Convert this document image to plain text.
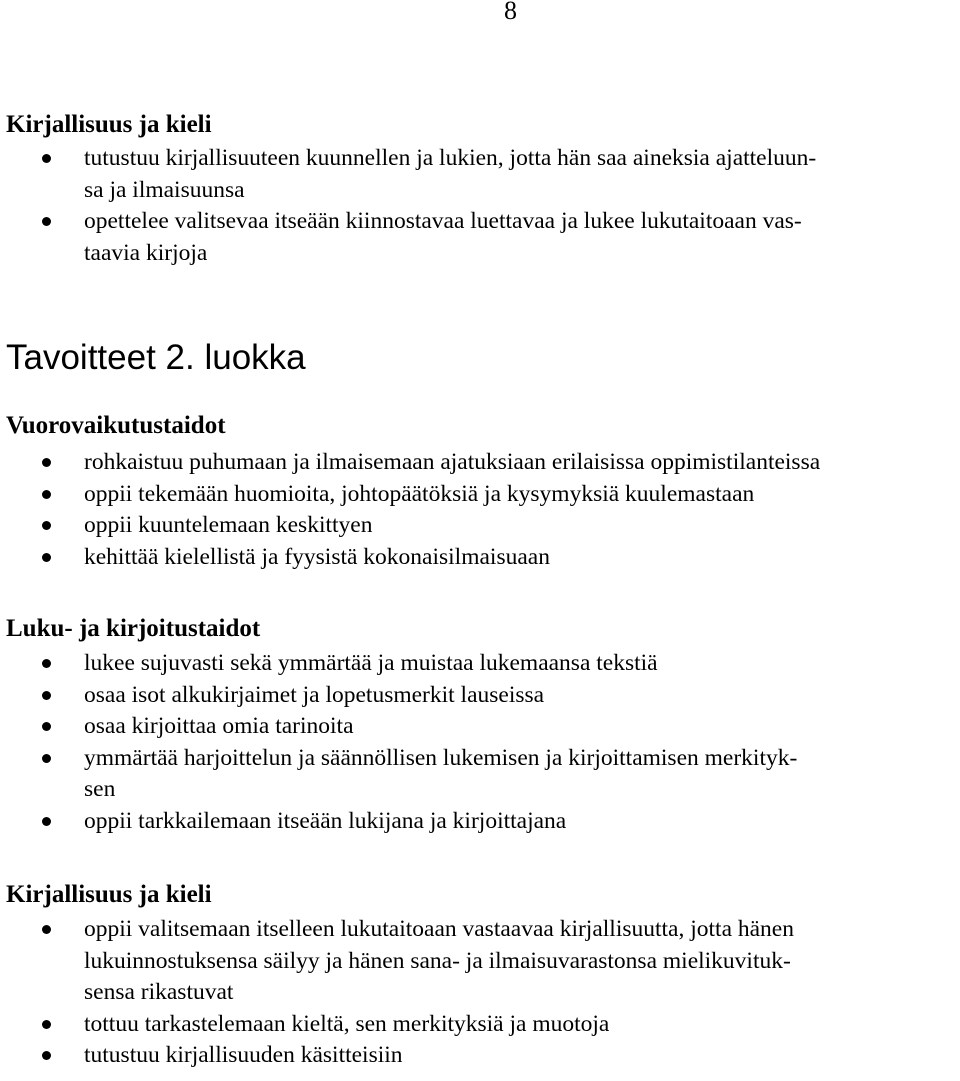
8
Kirjallisuus ja kieli
tutustuu kirjallisuuteen kuunnellen ja lukien, jotta hän saa aineksia ajatteluun-
sa ja ilmaisuunsa
opettelee valitsevaa itseään kiinnostavaa luettavaa ja lukee lukutaitoaan vas-
taavia kirjoja
Tavoitteet 2. luokka
Vuorovaikutustaidot
rohkaistuu puhumaan ja ilmaisemaan ajatuksiaan erilaisissa oppimistilanteissa
oppii tekemään huomioita, johtopäätöksiä ja kysymyksiä kuulemastaan
oppii kuuntelemaan keskittyen
kehittää kielellistä ja fyysistä kokonaisilmaisuaan
Luku- ja kirjoitustaidot
lukee sujuvasti sekä ymmärtää ja muistaa lukemaansa tekstiä
osaa isot alkukirjaimet ja lopetusmerkit lauseissa
osaa kirjoittaa omia tarinoita
ymmärtää harjoittelun ja säännöllisen lukemisen ja kirjoittamisen merkityk-
sen
oppii tarkkailemaan itseään lukijana ja kirjoittajana
Kirjallisuus ja kieli
oppii valitsemaan itselleen lukutaitoaan vastaavaa kirjallisuutta, jotta hänen
lukuinnostuksensa säilyy ja hänen sana- ja ilmaisuvarastonsa mielikuvituk-
sensa rikastuvat
tottuu tarkastelemaan kieltä, sen merkityksiä ja muotoja
tutustuu kirjallisuuden käsitteisiin
